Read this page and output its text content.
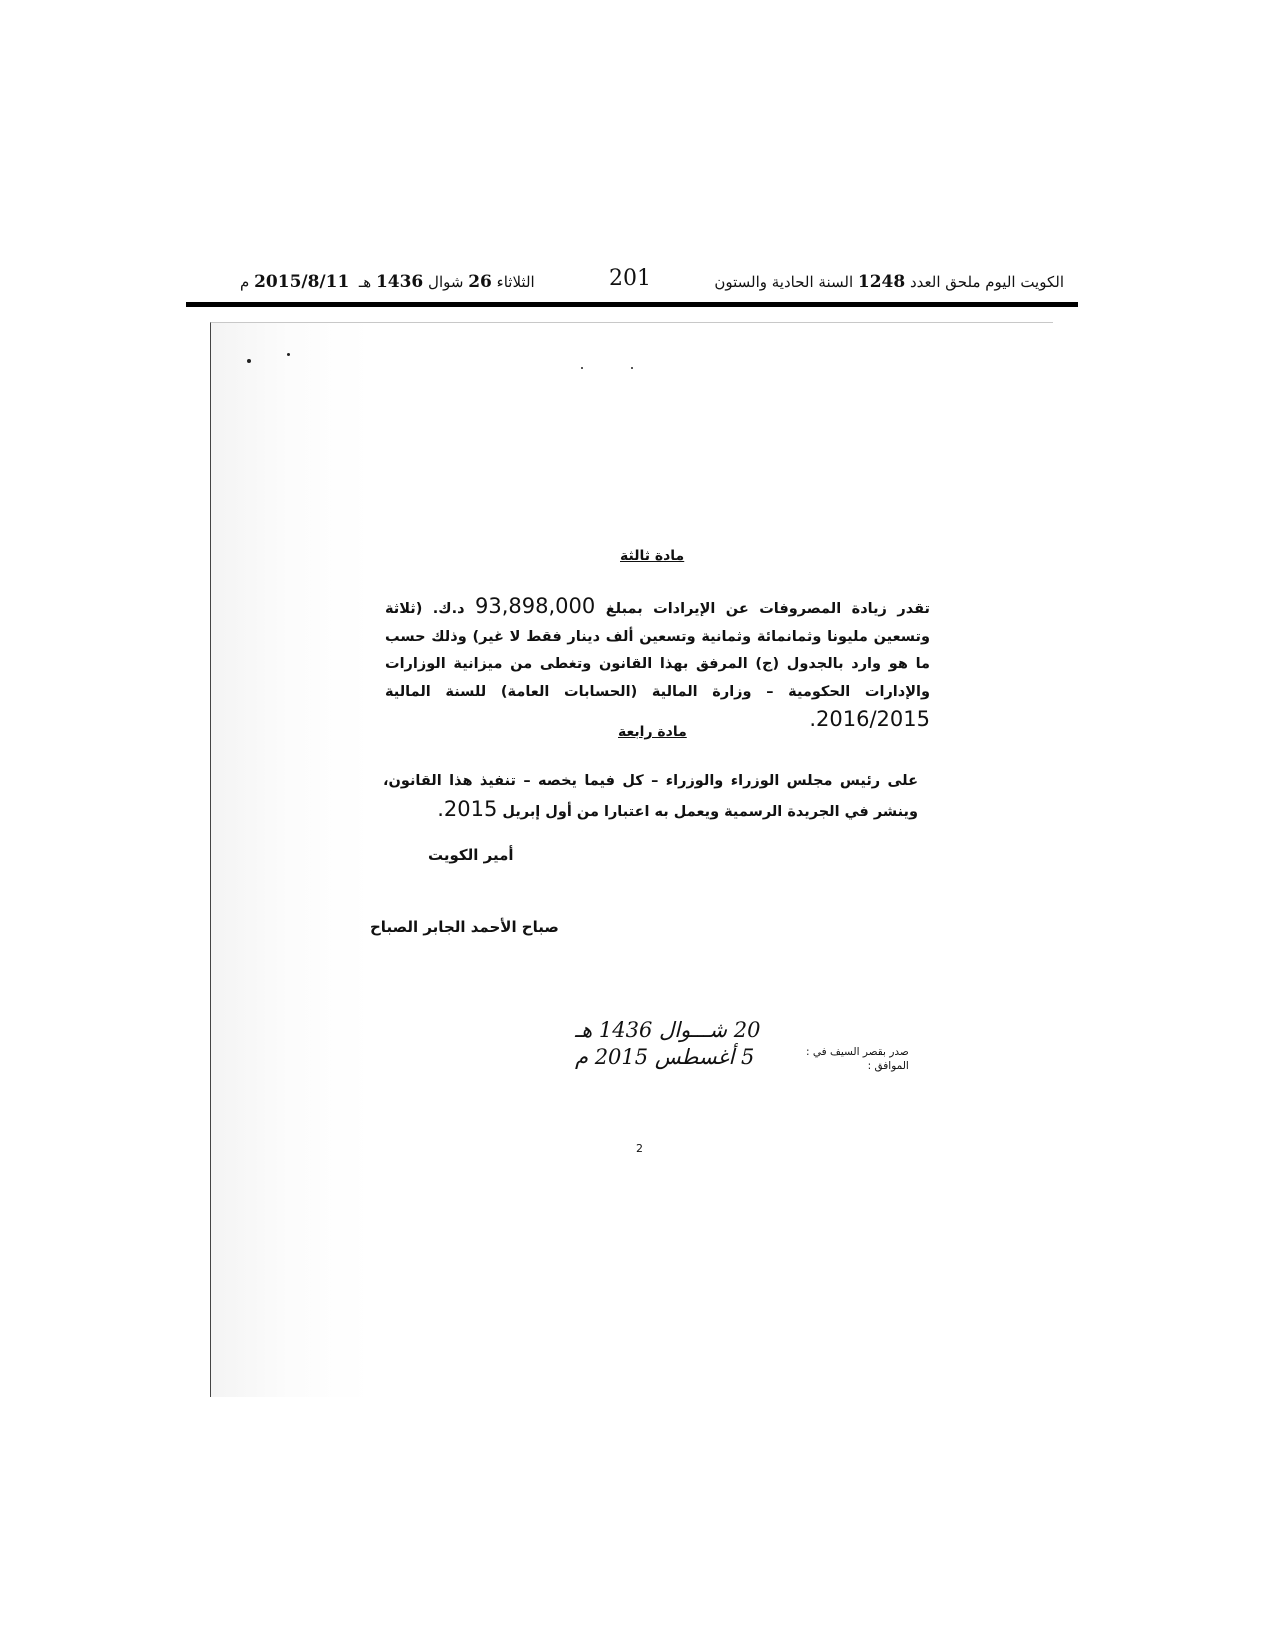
الكويت اليوم ملحق العدد 1248 السنة الحادية والستون
201
الثلاثاء 26 شوال 1436 هـ  2015/8/11 م
مادة ثالثة
تقدر زيادة المصروفات عن الإيرادات بمبلغ 93,898,000 د.ك. (ثلاثة وتسعين مليونا وثمانمائة وثمانية وتسعين ألف دينار فقط لا غير) وذلك حسب ما هو وارد بالجدول (ج) المرفق بهذا القانون وتغطى من ميزانية الوزارات والإدارات الحكومية – وزارة المالية (الحسابات العامة) للسنة المالية 2016/2015.
مادة رابعة
على رئيس مجلس الوزراء والوزراء – كل فيما يخصه – تنفيذ هذا القانون، وينشر في الجريدة الرسمية ويعمل به اعتبارا من أول إبريل 2015.
أمير الكويت
صباح الأحمد الجابر الصباح
صدر بقصر السيف في :
الموافق :
20 شـــوال 1436 هـ
5 أغسطس 2015 م
2
